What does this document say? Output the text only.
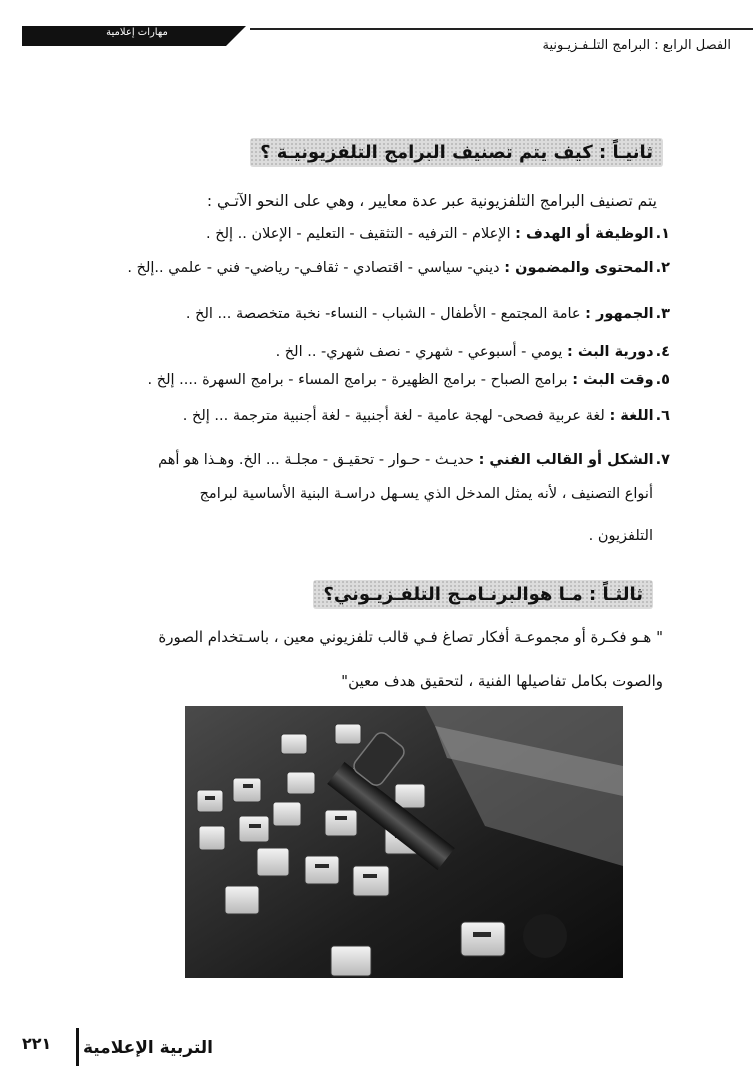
مهارات إعلامية
الفصل الرابع : البرامج التلـفـزيـونية
ثانيـاً : كيف يتم تصنيف البرامج التلفزيونيـة ؟
يتم تصنيف البرامج التلفزيونية عبر عدة معايير ، وهي على النحو الآتـي :
١.الوظيفة أو الهدف : الإعلام - الترفيه - التثقيف - التعليم - الإعلان .. إلخ .
٢.المحتوى والمضمون : ديني- سياسي - اقتصادي - ثقافـي- رياضي- فني - علمي ..إلخ .
٣.الجمهور : عامة المجتمع - الأطفال - الشباب - النساء- نخبة متخصصة ... الخ .
٤.دورية البث : يومي - أسبوعي - شهري - نصف شهري- .. الخ .
٥.وقت البث : برامج الصباح - برامج الظهيرة - برامج المساء - برامج السهرة .... إلخ .
٦.اللغة : لغة عربية فصحى- لهجة عامية - لغة أجنبية - لغة أجنبية مترجمة ... إلخ .
٧.الشكل أو القالب الفني : حديـث - حـوار - تحقيـق - مجلـة ... الخ. وهـذا هو أهم
أنواع التصنيف ، لأنه يمثل المدخل الذي يسـهل دراسـة البنية الأساسية لبرامج
التلفزيون .
ثالثـاً : مـا هوالبرنـامـج التلفـزيـوني؟
" هـو فكـرة أو مجموعـة أفكار تصاغ فـي قالب تلفزيوني معين ، باسـتخدام الصورة
والصوت بكامل تفاصيلها الفنية ، لتحقيق هدف معين"
التربية الإعلامية
٢٢١
